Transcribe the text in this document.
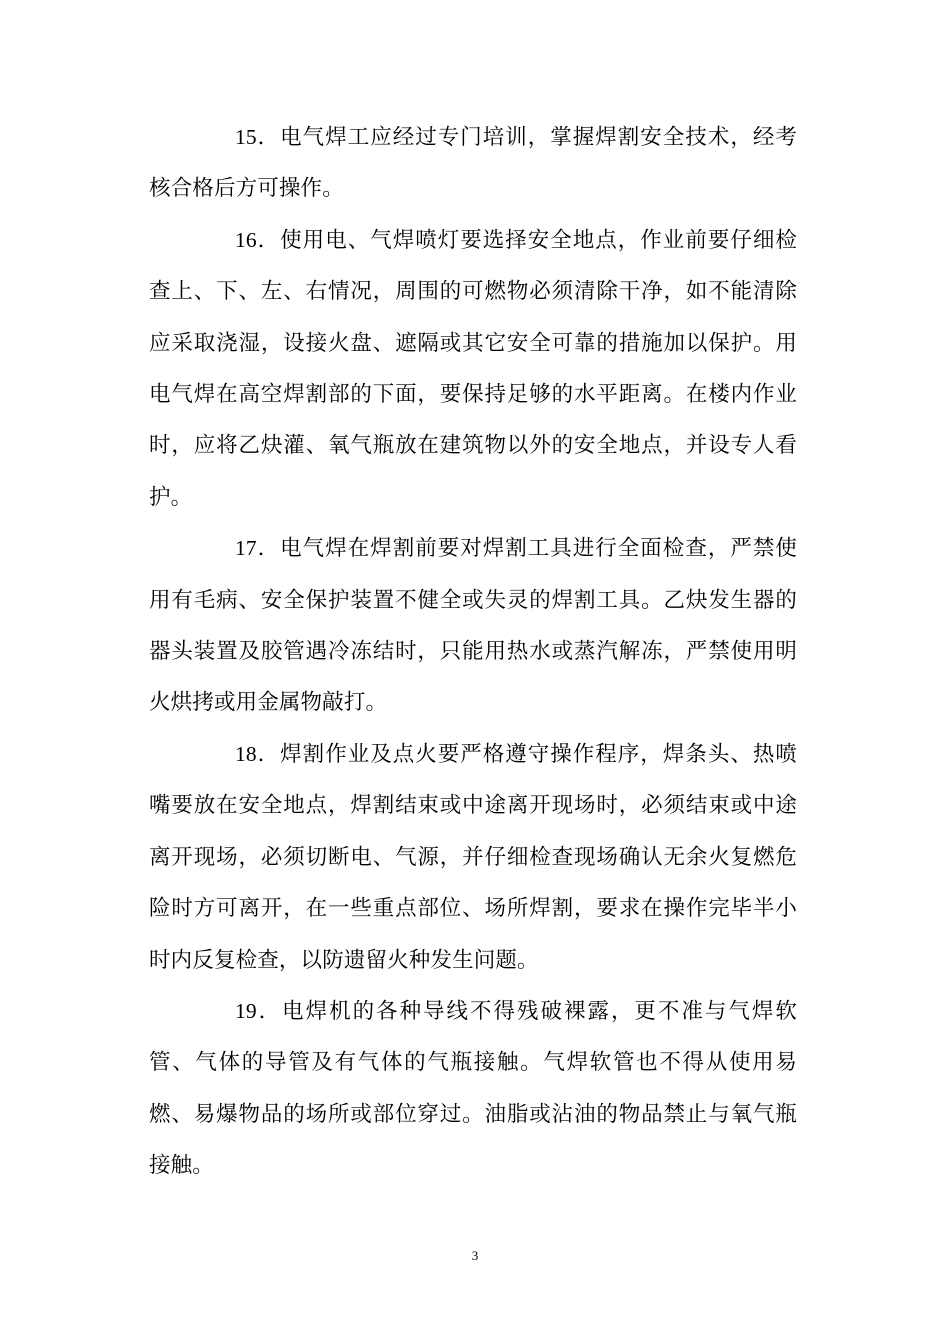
15．电气焊工应经过专门培训，掌握焊割安全技术，经考核合格后方可操作。

16．使用电、气焊喷灯要选择安全地点，作业前要仔细检查上、下、左、右情况，周围的可燃物必须清除干净，如不能清除应采取浇湿，设接火盘、遮隔或其它安全可靠的措施加以保护。用电气焊在高空焊割部的下面，要保持足够的水平距离。在楼内作业时，应将乙炔灌、氧气瓶放在建筑物以外的安全地点，并设专人看护。

17．电气焊在焊割前要对焊割工具进行全面检查，严禁使用有毛病、安全保护装置不健全或失灵的焊割工具。乙炔发生器的器头装置及胶管遇冷冻结时，只能用热水或蒸汽解冻，严禁使用明火烘拷或用金属物敲打。

18．焊割作业及点火要严格遵守操作程序，焊条头、热喷嘴要放在安全地点，焊割结束或中途离开现场时，必须结束或中途离开现场，必须切断电、气源，并仔细检查现场确认无余火复燃危险时方可离开，在一些重点部位、场所焊割，要求在操作完毕半小时内反复检查，以防遗留火种发生问题。

19．电焊机的各种导线不得残破裸露，更不准与气焊软管、气体的导管及有气体的气瓶接触。气焊软管也不得从使用易燃、易爆物品的场所或部位穿过。油脂或沾油的物品禁止与氧气瓶接触。

3
